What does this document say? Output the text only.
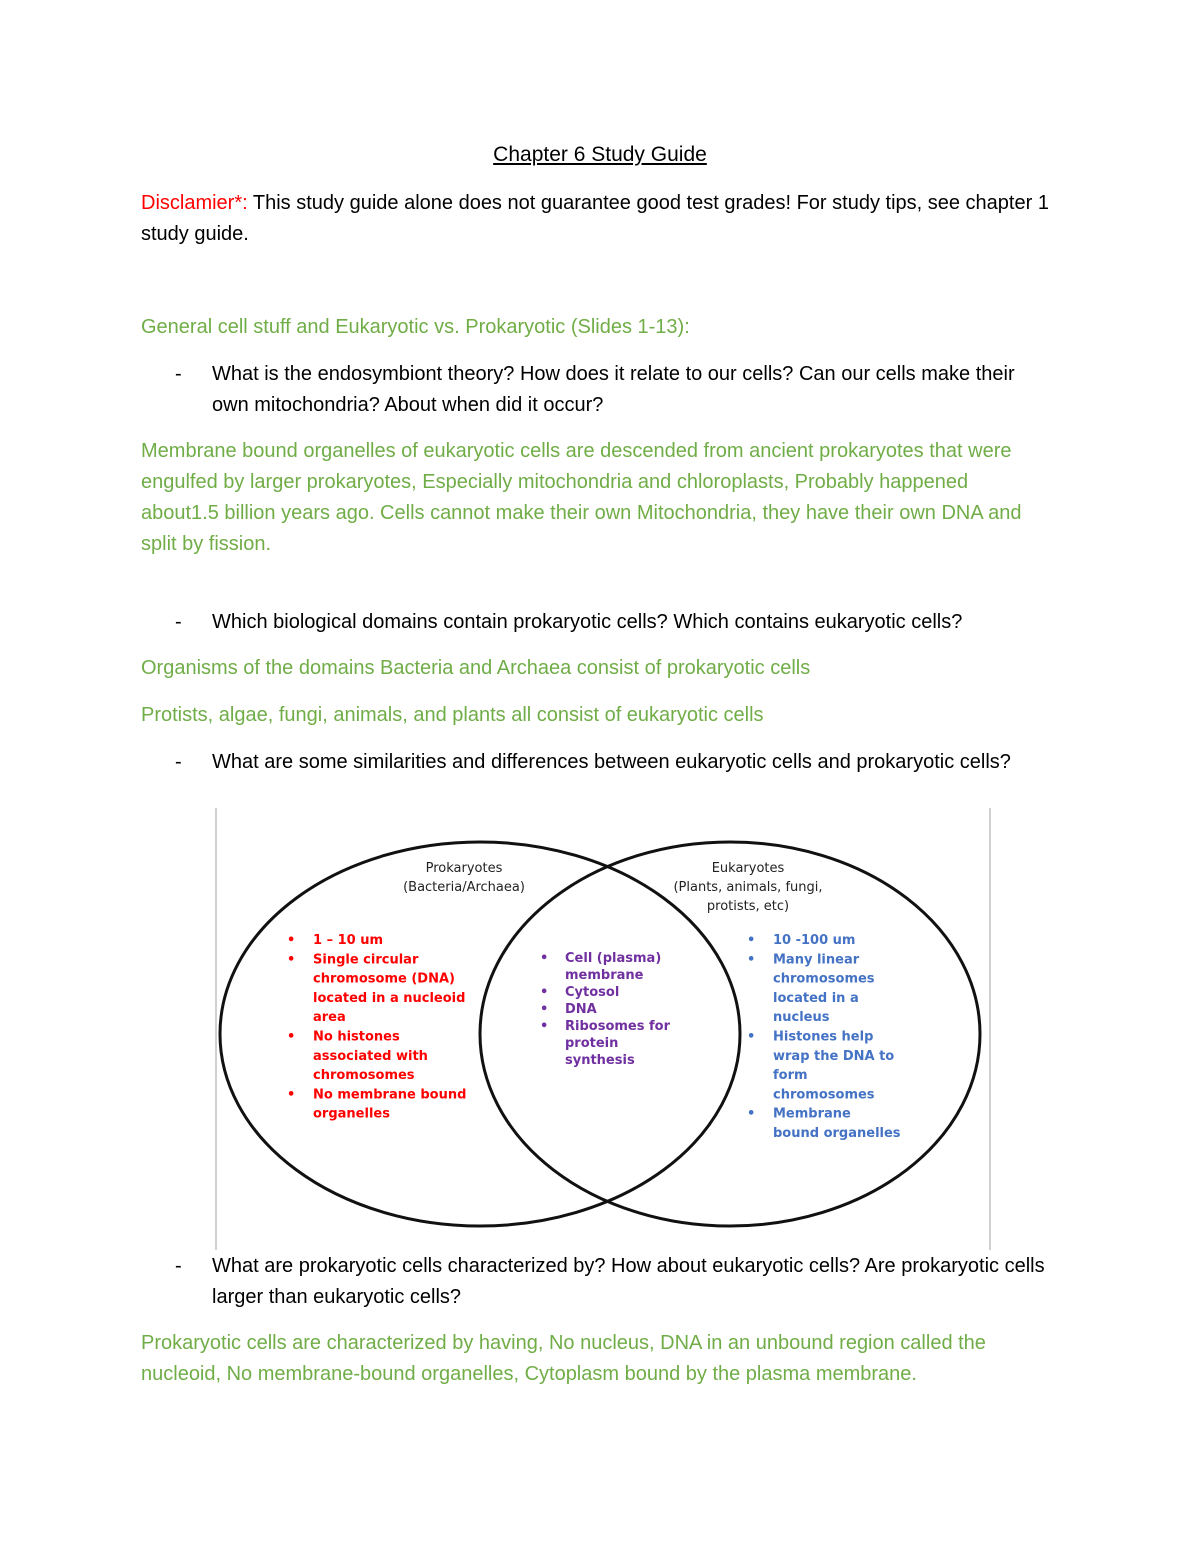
Chapter 6 Study Guide

Disclamier*: This study guide alone does not guarantee good test grades! For study tips, see chapter 1 study guide.

General cell stuff and Eukaryotic vs. Prokaryotic (Slides 1-13):

- What is the endosymbiont theory? How does it relate to our cells? Can our cells make their own mitochondria? About when did it occur?

Membrane bound organelles of eukaryotic cells are descended from ancient prokaryotes that were engulfed by larger prokaryotes, Especially mitochondria and chloroplasts, Probably happened about1.5 billion years ago. Cells cannot make their own Mitochondria, they have their own DNA and split by fission.

- Which biological domains contain prokaryotic cells? Which contains eukaryotic cells?

Organisms of the domains Bacteria and Archaea consist of prokaryotic cells

Protists, algae, fungi, animals, and plants all consist of eukaryotic cells

- What are some similarities and differences between eukaryotic cells and prokaryotic cells?
Prokaryotes
(Bacteria/Archaea)
Eukaryotes
(Plants, animals, fungi,
protists, etc)
• 1 – 10 um
• Single circular
chromosome (DNA)
located in a nucleoid
area
• No histones
associated with
chromosomes
• No membrane bound
organelles
• Cell (plasma)
membrane
• Cytosol
• DNA
• Ribosomes for
protein
synthesis
• 10 -100 um
• Many linear
chromosomes
located in a
nucleus
• Histones help
wrap the DNA to
form
chromosomes
• Membrane
bound organelles
- What are prokaryotic cells characterized by? How about eukaryotic cells? Are prokaryotic cells larger than eukaryotic cells?

Prokaryotic cells are characterized by having, No nucleus, DNA in an unbound region called the nucleoid, No membrane-bound organelles, Cytoplasm bound by the plasma membrane.
